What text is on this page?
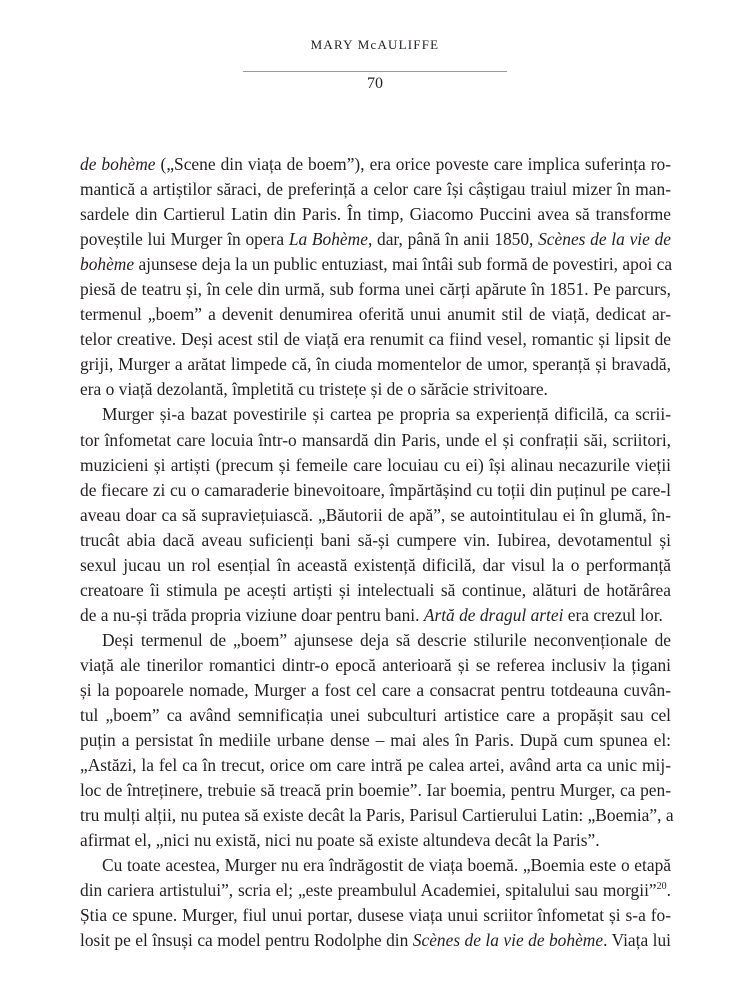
MARY McAULIFFE
70
de bohème („Scene din viața de boem”), era orice poveste care implica suferința ro-
mantică a artiștilor săraci, de preferință a celor care își câștigau traiul mizer în man-
sardele din Cartierul Latin din Paris. În timp, Giacomo Puccini avea să transforme
poveștile lui Murger în opera La Bohème, dar, până în anii 1850, Scènes de la vie de
bohème ajunsese deja la un public entuziast, mai întâi sub formă de povestiri, apoi ca
piesă de teatru și, în cele din urmă, sub forma unei cărți apărute în 1851. Pe parcurs,
termenul „boem” a devenit denumirea oferită unui anumit stil de viață, dedicat ar-
telor creative. Deși acest stil de viață era renumit ca fiind vesel, romantic și lipsit de
griji, Murger a arătat limpede că, în ciuda momentelor de umor, speranță și bravadă,
era o viață dezolantă, împletită cu tristețe și de o sărăcie strivitoare.
Murger și-a bazat povestirile și cartea pe propria sa experiență dificilă, ca scrii-
tor înfometat care locuia într-o mansardă din Paris, unde el și confrații săi, scriitori,
muzicieni și artiști (precum și femeile care locuiau cu ei) își alinau necazurile vieții
de fiecare zi cu o camaraderie binevoitoare, împărtășind cu toții din puținul pe care-l
aveau doar ca să supraviețuiască. „Băutorii de apă”, se autointitulau ei în glumă, în-
trucât abia dacă aveau suficienți bani să-și cumpere vin. Iubirea, devotamentul și
sexul jucau un rol esențial în această existență dificilă, dar visul la o performanță
creatoare îi stimula pe acești artiști și intelectuali să continue, alături de hotărârea
de a nu-și trăda propria viziune doar pentru bani. Artă de dragul artei era crezul lor.
Deși termenul de „boem” ajunsese deja să descrie stilurile neconvenționale de
viață ale tinerilor romantici dintr-o epocă anterioară și se referea inclusiv la țigani
și la popoarele nomade, Murger a fost cel care a consacrat pentru totdeauna cuvân-
tul „boem” ca având semnificația unei subculturi artistice care a propășit sau cel
puțin a persistat în mediile urbane dense – mai ales în Paris. După cum spunea el:
„Astăzi, la fel ca în trecut, orice om care intră pe calea artei, având arta ca unic mij-
loc de întreținere, trebuie să treacă prin boemie”. Iar boemia, pentru Murger, ca pen-
tru mulți alții, nu putea să existe decât la Paris, Parisul Cartierului Latin: „Boemia”, a
afirmat el, „nici nu există, nici nu poate să existe altundeva decât la Paris”.
Cu toate acestea, Murger nu era îndrăgostit de viața boemă. „Boemia este o etapă
din cariera artistului”, scria el; „este preambulul Academiei, spitalului sau morgii”$^{20}$.
Știa ce spune. Murger, fiul unui portar, dusese viața unui scriitor înfometat și s-a fo-
losit pe el însuși ca model pentru Rodolphe din Scènes de la vie de bohème. Viața lui
